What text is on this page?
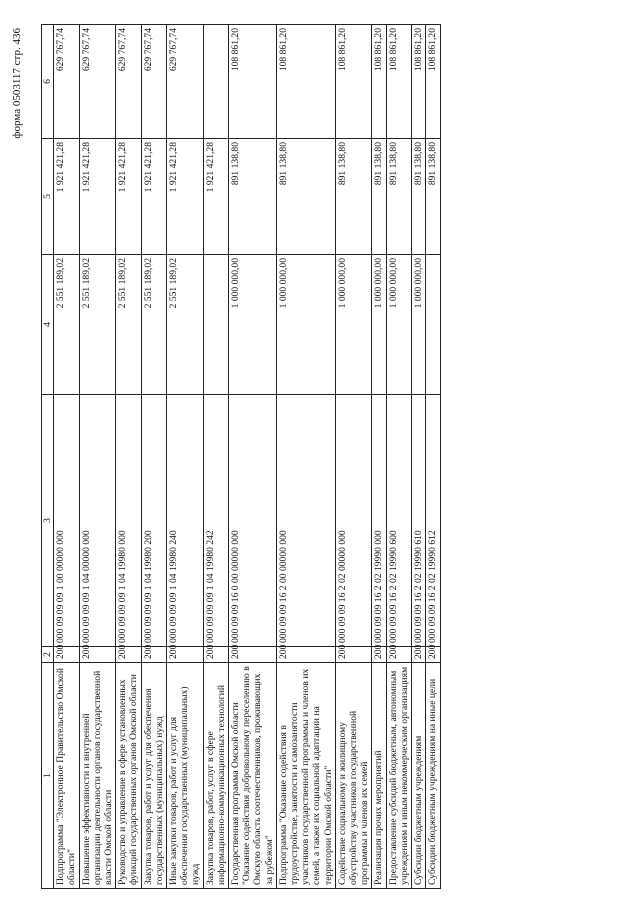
форма 0503117 стр. 436
1	2	3	4	5	6
Подпрограмма "Электронное Правительство Омской области"	200	000 09 09 09 1 00 00000 000	2 551 189,02	1 921 421,28	629 767,74
Повышение эффективности и внутренней организации деятельности органов государственной власти Омской области	200	000 09 09 09 1 04 00000 000	2 551 189,02	1 921 421,28	629 767,74
Руководство и управление в сфере установленных функций государственных органов Омской области	200	000 09 09 09 1 04 19980 000	2 551 189,02	1 921 421,28	629 767,74
Закупка товаров, работ и услуг для обеспечения государственных (муниципальных) нужд	200	000 09 09 09 1 04 19980 200	2 551 189,02	1 921 421,28	629 767,74
Иные закупки товаров, работ и услуг для обеспечения государственных (муниципальных) нужд	200	000 09 09 09 1 04 19980 240	2 551 189,02	1 921 421,28	629 767,74
Закупка товаров, работ, услуг в сфере информационно-коммуникационных технологий	200	000 09 09 09 1 04 19980 242		1 921 421,28	
Государственная программа Омской области "Оказание содействия добровольному переселению в Омскую область соотечественников, проживающих за рубежом"	200	000 09 09 16 0 00 00000 000	1 000 000,00	891 138,80	108 861,20
Подпрограмма "Оказание содействия в трудоустройстве, занятости и самозанятости участников государственной программы и членов их семей, а также их социальной адаптации на территории Омской области"	200	000 09 09 16 2 00 00000 000	1 000 000,00	891 138,80	108 861,20
Содействие социальному и жилищному обустройству участников государственной программы и членов их семей	200	000 09 09 16 2 02 00000 000	1 000 000,00	891 138,80	108 861,20
Реализация прочих мероприятий	200	000 09 09 16 2 02 19990 000	1 000 000,00	891 138,80	108 861,20
Предоставление субсидий бюджетным, автономным учреждениям и иным некоммерческим организациям	200	000 09 09 16 2 02 19990 600	1 000 000,00	891 138,80	108 861,20
Субсидии бюджетным учреждениям	200	000 09 09 16 2 02 19990 610	1 000 000,00	891 138,80	108 861,20
Субсидии бюджетным учреждениям на иные цели	200	000 09 09 16 2 02 19990 612		891 138,80	108 861,20
